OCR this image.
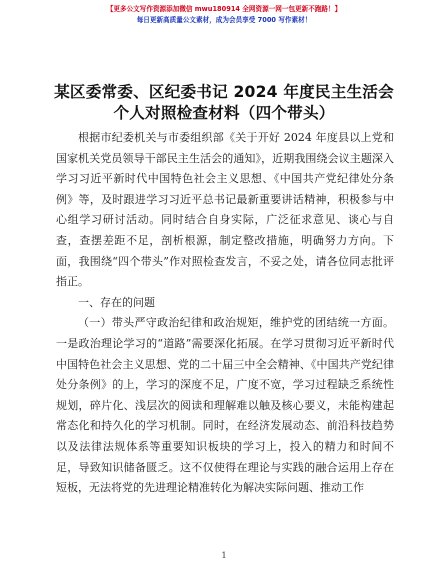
【更多公文写作资源添加微信 mwu180914 全网资源一网一包更新不跑路！】
每日更新高质量公文素材，成为会员享受 7000 写作素材！
某区委常委、区纪委书记 2024 年度民主生活会
个人对照检查材料（四个带头）

根据市纪委机关与市委组织部《关于开好 2024 年度县以上党和国家机关党员领导干部民主生活会的通知》，近期我围绕会议主题深入学习习近平新时代中国特色社会主义思想、《中国共产党纪律处分条例》等，及时跟进学习习近平总书记最新重要讲话精神，积极参与中心组学习研讨活动。同时结合自身实际，广泛征求意见、谈心与自查，查摆差距不足，剖析根源，制定整改措施，明确努力方向。下面，我围绕“四个带头”作对照检查发言，不妥之处，请各位同志批评指正。

一、存在的问题

（一）带头严守政治纪律和政治规矩，维护党的团结统一方面。一是政治理论学习的“道路”需要深化拓展。在学习贯彻习近平新时代中国特色社会主义思想、党的二十届三中全会精神、《中国共产党纪律处分条例》的上，学习的深度不足，广度不宽，学习过程缺乏系统性规划，碎片化、浅层次的阅读和理解难以触及核心要义，未能构建起常态化和持久化的学习机制。同时，在经济发展动态、前沿科技趋势以及法律法规体系等重要知识板块的学习上，投入的精力和时间不足，导致知识储备匮乏。这不仅使得在理论与实践的融合运用上存在短板，无法将党的先进理论精准转化为解决实际问题、推动工作

1
